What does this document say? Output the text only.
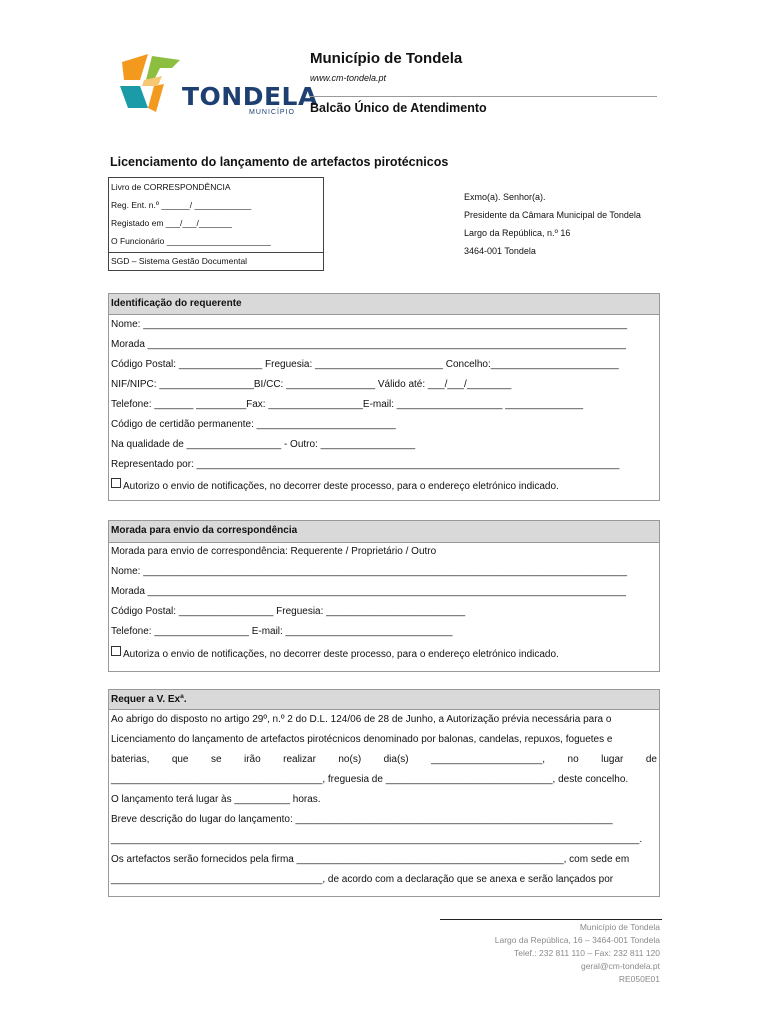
TONDELA
MUNICÍPIO
Município de Tondela
www.cm-tondela.pt
Balcão Único de Atendimento
Licenciamento do lançamento de artefactos pirotécnicos
Livro de CORRESPONDÊNCIA
Reg. Ent. n.º ______/ ____________
Registado em ___/___/_______
O Funcionário ______________________
SGD – Sistema Gestão Documental
Exmo(a). Senhor(a).
Presidente da Câmara Municipal de Tondela
Largo da República, n.º 16
3464-001 Tondela
Identificação do requerente
Nome: _______________________________________________________________________________________
Morada ______________________________________________________________________________________
Código Postal: _______________ Freguesia: _______________________ Concelho:_______________________
NIF/NIPC: _________________BI/CC: ________________ Válido até: ___/___/________
Telefone: _______ _________Fax: _________________E-mail: ___________________ ______________
Código de certidão permanente: _________________________
Na qualidade de _________________ - Outro: _________________
Representado por: ____________________________________________________________________________
Autorizo o envio de notificações, no decorrer deste processo, para o endereço eletrónico indicado.
Morada para envio da correspondência
Morada para envio de correspondência: Requerente / Proprietário / Outro
Nome: _______________________________________________________________________________________
Morada ______________________________________________________________________________________
Código Postal: _________________ Freguesia: _________________________
Telefone: _________________ E-mail: ______________________________
Autoriza o envio de notificações, no decorrer deste processo, para o endereço eletrónico indicado.
Requer a V. Exª.
Ao abrigo do disposto no artigo 29º, n.º 2 do D.L. 124/06 de 28 de Junho, a Autorização prévia necessária para o
Licenciamento do lançamento de artefactos pirotécnicos denominado por balonas, candelas, repuxos, foguetes e
baterias, que se irão realizar no(s) dia(s) ____________________, no lugar de
______________________________________, freguesia de ______________________________, deste concelho.
O lançamento terá lugar às __________ horas.
Breve descrição do lugar do lançamento: _________________________________________________________
_______________________________________________________________________________________________.
Os artefactos serão fornecidos pela firma ________________________________________________, com sede em
______________________________________, de acordo com a declaração que se anexa e serão lançados por
Município de Tondela
Largo da República, 16 – 3464-001 Tondela
Telef.: 232 811 110 – Fax: 232 811 120
geral@cm-tondela.pt
RE050E01
